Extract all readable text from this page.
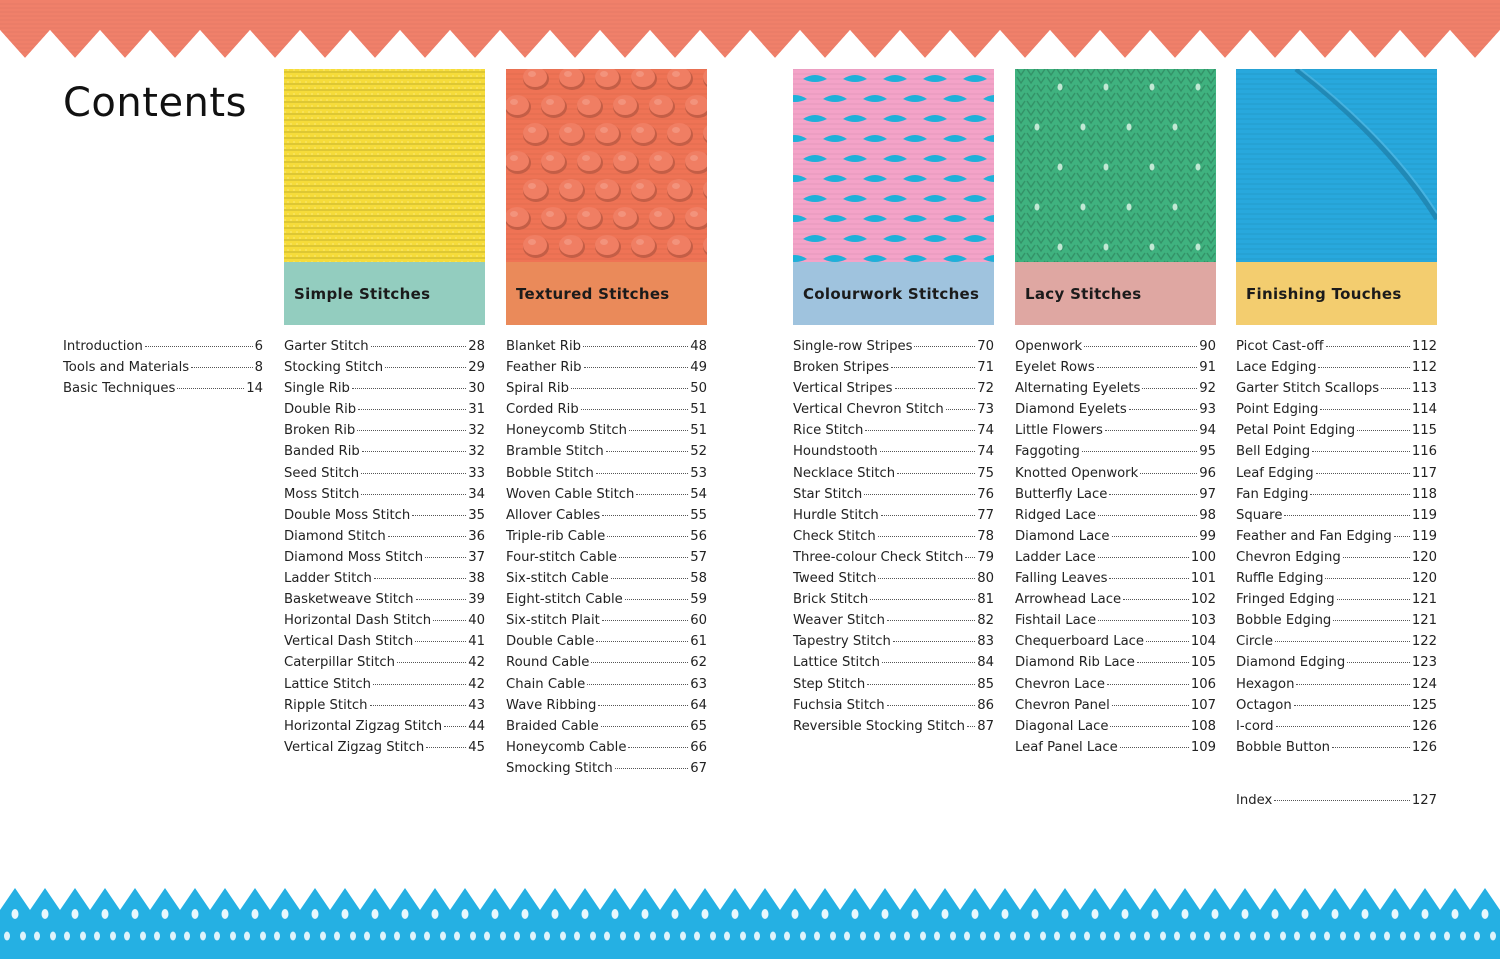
Contents
Simple Stitches	Textured Stitches	Colourwork Stitches	Lacy Stitches	Finishing Touches
Introduction	6
Tools and Materials	8
Basic Techniques	14
Garter Stitch	28
Stocking Stitch	29
Single Rib	30
Double Rib	31
Broken Rib	32
Banded Rib	32
Seed Stitch	33
Moss Stitch	34
Double Moss Stitch	35
Diamond Stitch	36
Diamond Moss Stitch	37
Ladder Stitch	38
Basketweave Stitch	39
Horizontal Dash Stitch	40
Vertical Dash Stitch	41
Caterpillar Stitch	42
Lattice Stitch	42
Ripple Stitch	43
Horizontal Zigzag Stitch 44
Vertical Zigzag Stitch	45
Blanket Rib	48
Feather Rib	49
Spiral Rib	50
Corded Rib	51
Honeycomb Stitch	51
Bramble Stitch	52
Bobble Stitch	53
Woven Cable Stitch	54
Allover Cables	55
Triple-rib Cable	56
Four-stitch Cable	57
Six-stitch Cable	58
Eight-stitch Cable	59
Six-stitch Plait	60
Double Cable	61
Round Cable	62
Chain Cable	63
Wave Ribbing	64
Braided Cable	65
Honeycomb Cable	66
Smocking Stitch	67
Single-row Stripes	70
Broken Stripes	71
Vertical Stripes	72
Vertical Chevron Stitch	73
Rice Stitch	74
Houndstooth	74
Necklace Stitch	75
Star Stitch	76
Hurdle Stitch	77
Check Stitch	78
Three-colour Check Stitch 79
Tweed Stitch	80
Brick Stitch	81
Weaver Stitch	82
Tapestry Stitch	83
Lattice Stitch	84
Step Stitch	85
Fuchsia Stitch	86
Reversible Stocking Stitch 87
Openwork	90
Eyelet Rows	91
Alternating Eyelets	92
Diamond Eyelets	93
Little Flowers	94
Faggoting	95
Knotted Openwork	96
Butterfly Lace	97
Ridged Lace	98
Diamond Lace	99
Ladder Lace	100
Falling Leaves	101
Arrowhead Lace	102
Fishtail Lace	103
Chequerboard Lace	104
Diamond Rib Lace	105
Chevron Lace	106
Chevron Panel	107
Diagonal Lace	108
Leaf Panel Lace	109
Picot Cast-off	112
Lace Edging	112
Garter Stitch Scallops 113
Point Edging	114
Petal Point Edging	115
Bell Edging	116
Leaf Edging	117
Fan Edging	118
Square	119
Feather and Fan Edging 119
Chevron Edging	120
Ruffle Edging	120
Fringed Edging	121
Bobble Edging	121
Circle	122
Diamond Edging	123
Hexagon	124
Octagon	125
I-cord	126
Bobble Button	126
Index	127
